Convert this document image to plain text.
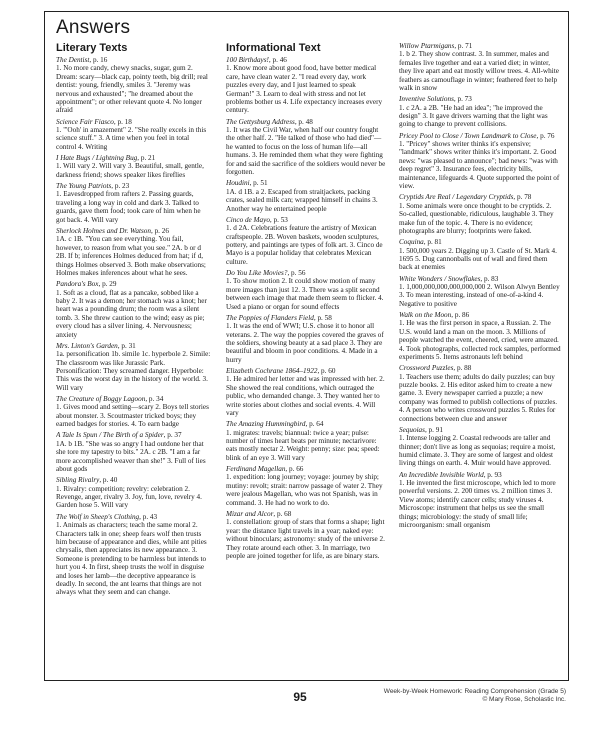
Answers
Literary Texts
The Dentist, p. 16
1. No more candy, chewy snacks, sugar, gum 2. Dream: scary—black cap, pointy teeth, big drill; real dentist: young, friendly, smiles 3. "Jeremy was nervous and exhausted"; "he dreamed about the appointment"; or other relevant quote 4. No longer afraid
Science Fair Fiasco, p. 18
1. "'Ooh' in amazement" 2. "She really excels in this science stuff." 3. A time when you feel in total control 4. Writing
I Hate Bugs / Lightning Bug, p. 21
1. Will vary 2. Will vary 3. Beautiful, small, gentle, darkness friend; shows speaker likes fireflies
The Young Patriots, p. 23
1. Eavesdropped from rafters 2. Passing guards, traveling a long way in cold and dark 3. Talked to guards, gave them food; took care of him when he got back. 4. Will vary
Sherlock Holmes and Dr. Watson, p. 26
1A. c 1B. "You can see everything. You fail, however, to reason from what you see." 2A. b or d 2B. If b; inferences Holmes deduced from hat; if d, things Holmes observed 3. Both make observations; Holmes makes inferences about what he sees.
Pandora's Box, p. 29
1. Soft as a cloud, flat as a pancake, sobbed like a baby 2. It was a demon; her stomach was a knot; her heart was a pounding drum; the room was a silent tomb. 3. She threw caution to the wind; easy as pie; every cloud has a silver lining. 4. Nervousness; anxiety
Mrs. Linton's Garden, p. 31
1a. personification 1b. simile 1c. hyperbole 2. Simile: The classroom was like Jurassic Park. Personification: They screamed danger. Hyperbole: This was the worst day in the history of the world. 3. Will vary
The Creature of Boggy Lagoon, p. 34
1. Gives mood and setting—scary 2. Boys tell stories about monster. 3. Scoutmaster tricked boys; they earned badges for stories. 4. To earn badge
A Tale Is Spun / The Birth of a Spider, p. 37
1A. b 1B. "She was so angry I had outdone her that she tore my tapestry to bits." 2A. c 2B. "I am a far more accomplished weaver than she!" 3. Full of lies about gods
Sibling Rivalry, p. 40
1. Rivalry: competition; revelry: celebration 2. Revenge, anger, rivalry 3. Joy, fun, love, revelry 4. Garden hose 5. Will vary
The Wolf in Sheep's Clothing, p. 43
1. Animals as characters; teach the same moral 2. Characters talk in one; sheep fears wolf then trusts him because of appearance and dies, while ant pities chrysalis, then appreciates its new appearance. 3. Someone is pretending to be harmless but intends to hurt you 4. In first, sheep trusts the wolf in disguise and loses her lamb—the deceptive appearance is deadly. In second, the ant learns that things are not always what they seem and can change.
Informational Text
100 Birthdays!, p. 46
1. Know more about good food, have better medical care, have clean water 2. "I read every day, work puzzles every day, and I just learned to speak German!" 3. Learn to deal with stress and not let problems bother us 4. Life expectancy increases every century.
The Gettysburg Address, p. 48
1. It was the Civil War, when half our country fought the other half. 2. "He talked of those who had died"—he wanted to focus on the loss of human life—all humans. 3. He reminded them what they were fighting for and said the sacrifice of the soldiers would never be forgotten.
Houdini, p. 51
1A. d 1B. a 2. Escaped from straitjackets, packing crates, sealed milk can; wrapped himself in chains 3. Another way he entertained people
Cinco de Mayo, p. 53
1. d 2A. Celebrations feature the artistry of Mexican craftspeople. 2B. Woven baskets, wooden sculptures, pottery, and paintings are types of folk art. 3. Cinco de Mayo is a popular holiday that celebrates Mexican culture.
Do You Like Movies?, p. 56
1. To show motion 2. It could show motion of many more images than just 12. 3. There was a split second between each image that made them seem to flicker. 4. Used a piano or organ for sound effects
The Poppies of Flanders Field, p. 58
1. It was the end of WWI; U.S. chose it to honor all veterans. 2. The way the poppies covered the graves of the soldiers, showing beauty at a sad place 3. They are beautiful and bloom in poor conditions. 4. Made in a hurry
Elizabeth Cochrane 1864–1922, p. 60
1. He admired her letter and was impressed with her. 2. She showed the real conditions, which outraged the public, who demanded change. 3. They wanted her to write stories about clothes and social events. 4. Will vary
The Amazing Hummingbird, p. 64
1. migrates: travels; biannual: twice a year; pulse: number of times heart beats per minute; nectarivore: eats mostly nectar 2. Weight: penny; size: pea; speed: blink of an eye 3. Will vary
Ferdinand Magellan, p. 66
1. expedition: long journey; voyage: journey by ship; mutiny: revolt; strait: narrow passage of water 2. They were jealous Magellan, who was not Spanish, was in command. 3. He had no work to do.
Mizar and Alcor, p. 68
1. constellation: group of stars that forms a shape; light year: the distance light travels in a year; naked eye: without binoculars; astronomy: study of the universe 2. They rotate around each other. 3. In marriage, two people are joined together for life, as are binary stars.
Willow Ptarmigans, p. 71
1. b 2. They show contrast. 3. In summer, males and females live together and eat a varied diet; in winter, they live apart and eat mostly willow trees. 4. All-white feathers as camouflage in winter; feathered feet to help walk in snow
Inventive Solutions, p. 73
1. c 2A. a 2B. "He had an idea"; "he improved the design" 3. It gave drivers warning that the light was going to change to prevent collisions.
Pricey Pool to Close / Town Landmark to Close, p. 76
1. "Pricey" shows writer thinks it's expensive; "landmark" shows writer thinks it's important. 2. Good news: "was pleased to announce"; bad news: "was with deep regret" 3. Insurance fees, electricity bills, maintenance, lifeguards 4. Quote supported the point of view.
Cryptids Are Real / Legendary Cryptids, p. 78
1. Some animals were once thought to be cryptids. 2. So-called, questionable, ridiculous, laughable 3. They make fun of the topic. 4. There is no evidence; photographs are blurry; footprints were faked.
Coquina, p. 81
1. 500,000 years 2. Digging up 3. Castle of St. Mark 4. 1695 5. Dug cannonballs out of wall and fired them back at enemies
White Wonders / Snowflakes, p. 83
1. 1,000,000,000,000,000,000 2. Wilson Alwyn Bentley 3. To mean interesting, instead of one-of-a-kind 4. Negative to positive
Walk on the Moon, p. 86
1. He was the first person in space, a Russian. 2. The U.S. would land a man on the moon. 3. Millions of people watched the event, cheered, cried, were amazed. 4. Took photographs, collected rock samples, performed experiments 5. Items astronauts left behind
Crossword Puzzles, p. 88
1. Teachers use them; adults do daily puzzles; can buy puzzle books. 2. His editor asked him to create a new game. 3. Every newspaper carried a puzzle; a new company was formed to publish collections of puzzles. 4. A person who writes crossword puzzles 5. Rules for connections between clue and answer
Sequoias, p. 91
1. Intense logging 2. Coastal redwoods are taller and thinner; don't live as long as sequoias; require a moist, humid climate. 3. They are some of largest and oldest living things on earth. 4. Muir would have approved.
An Incredible Invisible World, p. 93
1. He invented the first microscope, which led to more powerful versions. 2. 200 times vs. 2 million times 3. View atoms; identify cancer cells; study viruses 4. Microscope: instrument that helps us see the small things; microbiology: the study of small life; microorganism: small organism
95	Week-by-Week Homework: Reading Comprehension (Grade 5)
© Mary Rose, Scholastic Inc.
